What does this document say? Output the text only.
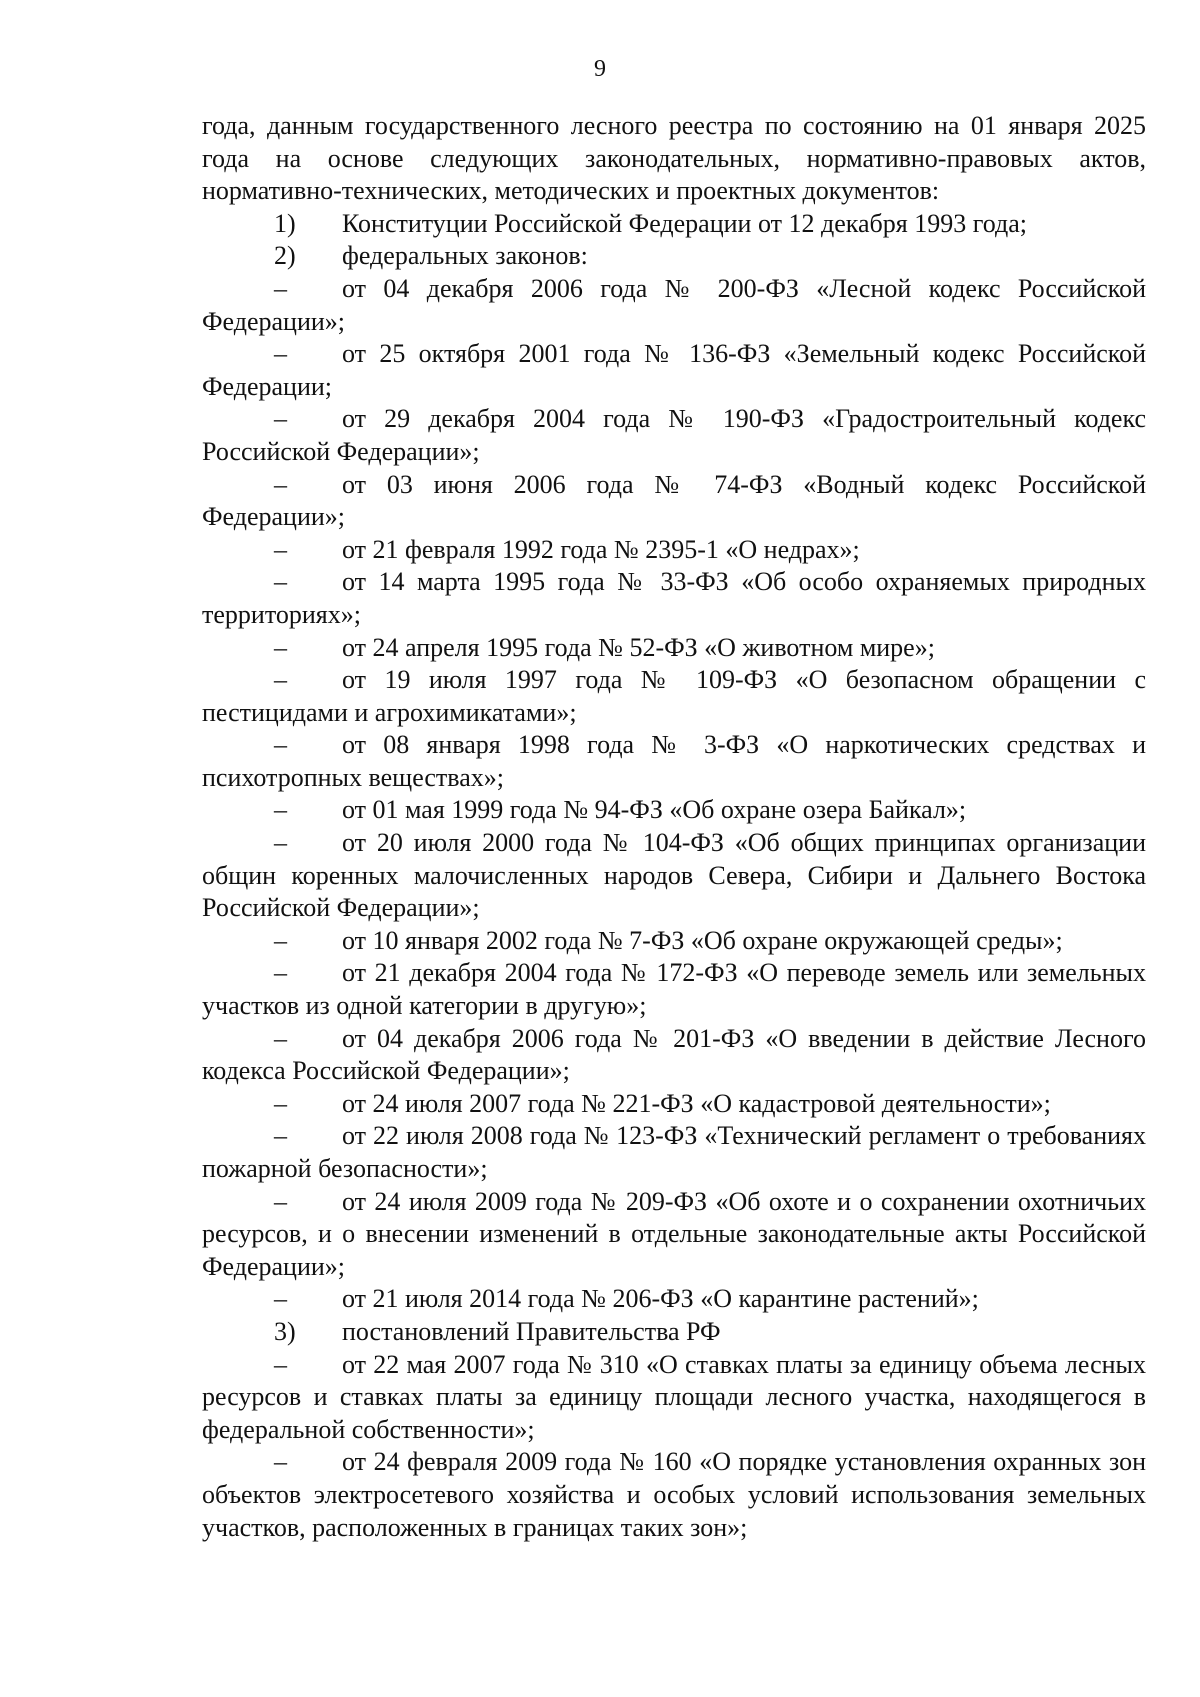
9

года, данным государственного лесного реестра по состоянию на 01 января 2025 года на основе следующих законодательных, нормативно-правовых актов, нормативно-технических, методических и проектных документов:

1) Конституции Российской Федерации от 12 декабря 1993 года;

2) федеральных законов:

– от 04 декабря 2006 года № 200-ФЗ «Лесной кодекс Российской Федерации»;

– от 25 октября 2001 года № 136-ФЗ «Земельный кодекс Российской Федерации;

– от 29 декабря 2004 года № 190-ФЗ «Градостроительный кодекс Российской Федерации»;

– от 03 июня 2006 года № 74-ФЗ «Водный кодекс Российской Федерации»;

– от 21 февраля 1992 года № 2395-1 «О недрах»;

– от 14 марта 1995 года № 33-ФЗ «Об особо охраняемых природных территориях»;

– от 24 апреля 1995 года № 52-ФЗ «О животном мире»;

– от 19 июля 1997 года № 109-ФЗ «О безопасном обращении с пестицидами и агрохимикатами»;

– от 08 января 1998 года № 3-ФЗ «О наркотических средствах и психотропных веществах»;

– от 01 мая 1999 года № 94-ФЗ «Об охране озера Байкал»;

– от 20 июля 2000 года № 104-ФЗ «Об общих принципах организации общин коренных малочисленных народов Севера, Сибири и Дальнего Востока Российской Федерации»;

– от 10 января 2002 года № 7-ФЗ «Об охране окружающей среды»;

– от 21 декабря 2004 года № 172-ФЗ «О переводе земель или земельных участков из одной категории в другую»;

– от 04 декабря 2006 года № 201-ФЗ «О введении в действие Лесного кодекса Российской Федерации»;

– от 24 июля 2007 года № 221-ФЗ «О кадастровой деятельности»;

– от 22 июля 2008 года № 123-ФЗ «Технический регламент о требованиях пожарной безопасности»;

– от 24 июля 2009 года № 209-ФЗ «Об охоте и о сохранении охотничьих ресурсов, и о внесении изменений в отдельные законодательные акты Российской Федерации»;

– от 21 июля 2014 года № 206-ФЗ «О карантине растений»;

3) постановлений Правительства РФ

– от 22 мая 2007 года № 310 «О ставках платы за единицу объема лесных ресурсов и ставках платы за единицу площади лесного участка, находящегося в федеральной собственности»;

– от 24 февраля 2009 года № 160 «О порядке установления охранных зон объектов электросетевого хозяйства и особых условий использования земельных участков, расположенных в границах таких зон»;
